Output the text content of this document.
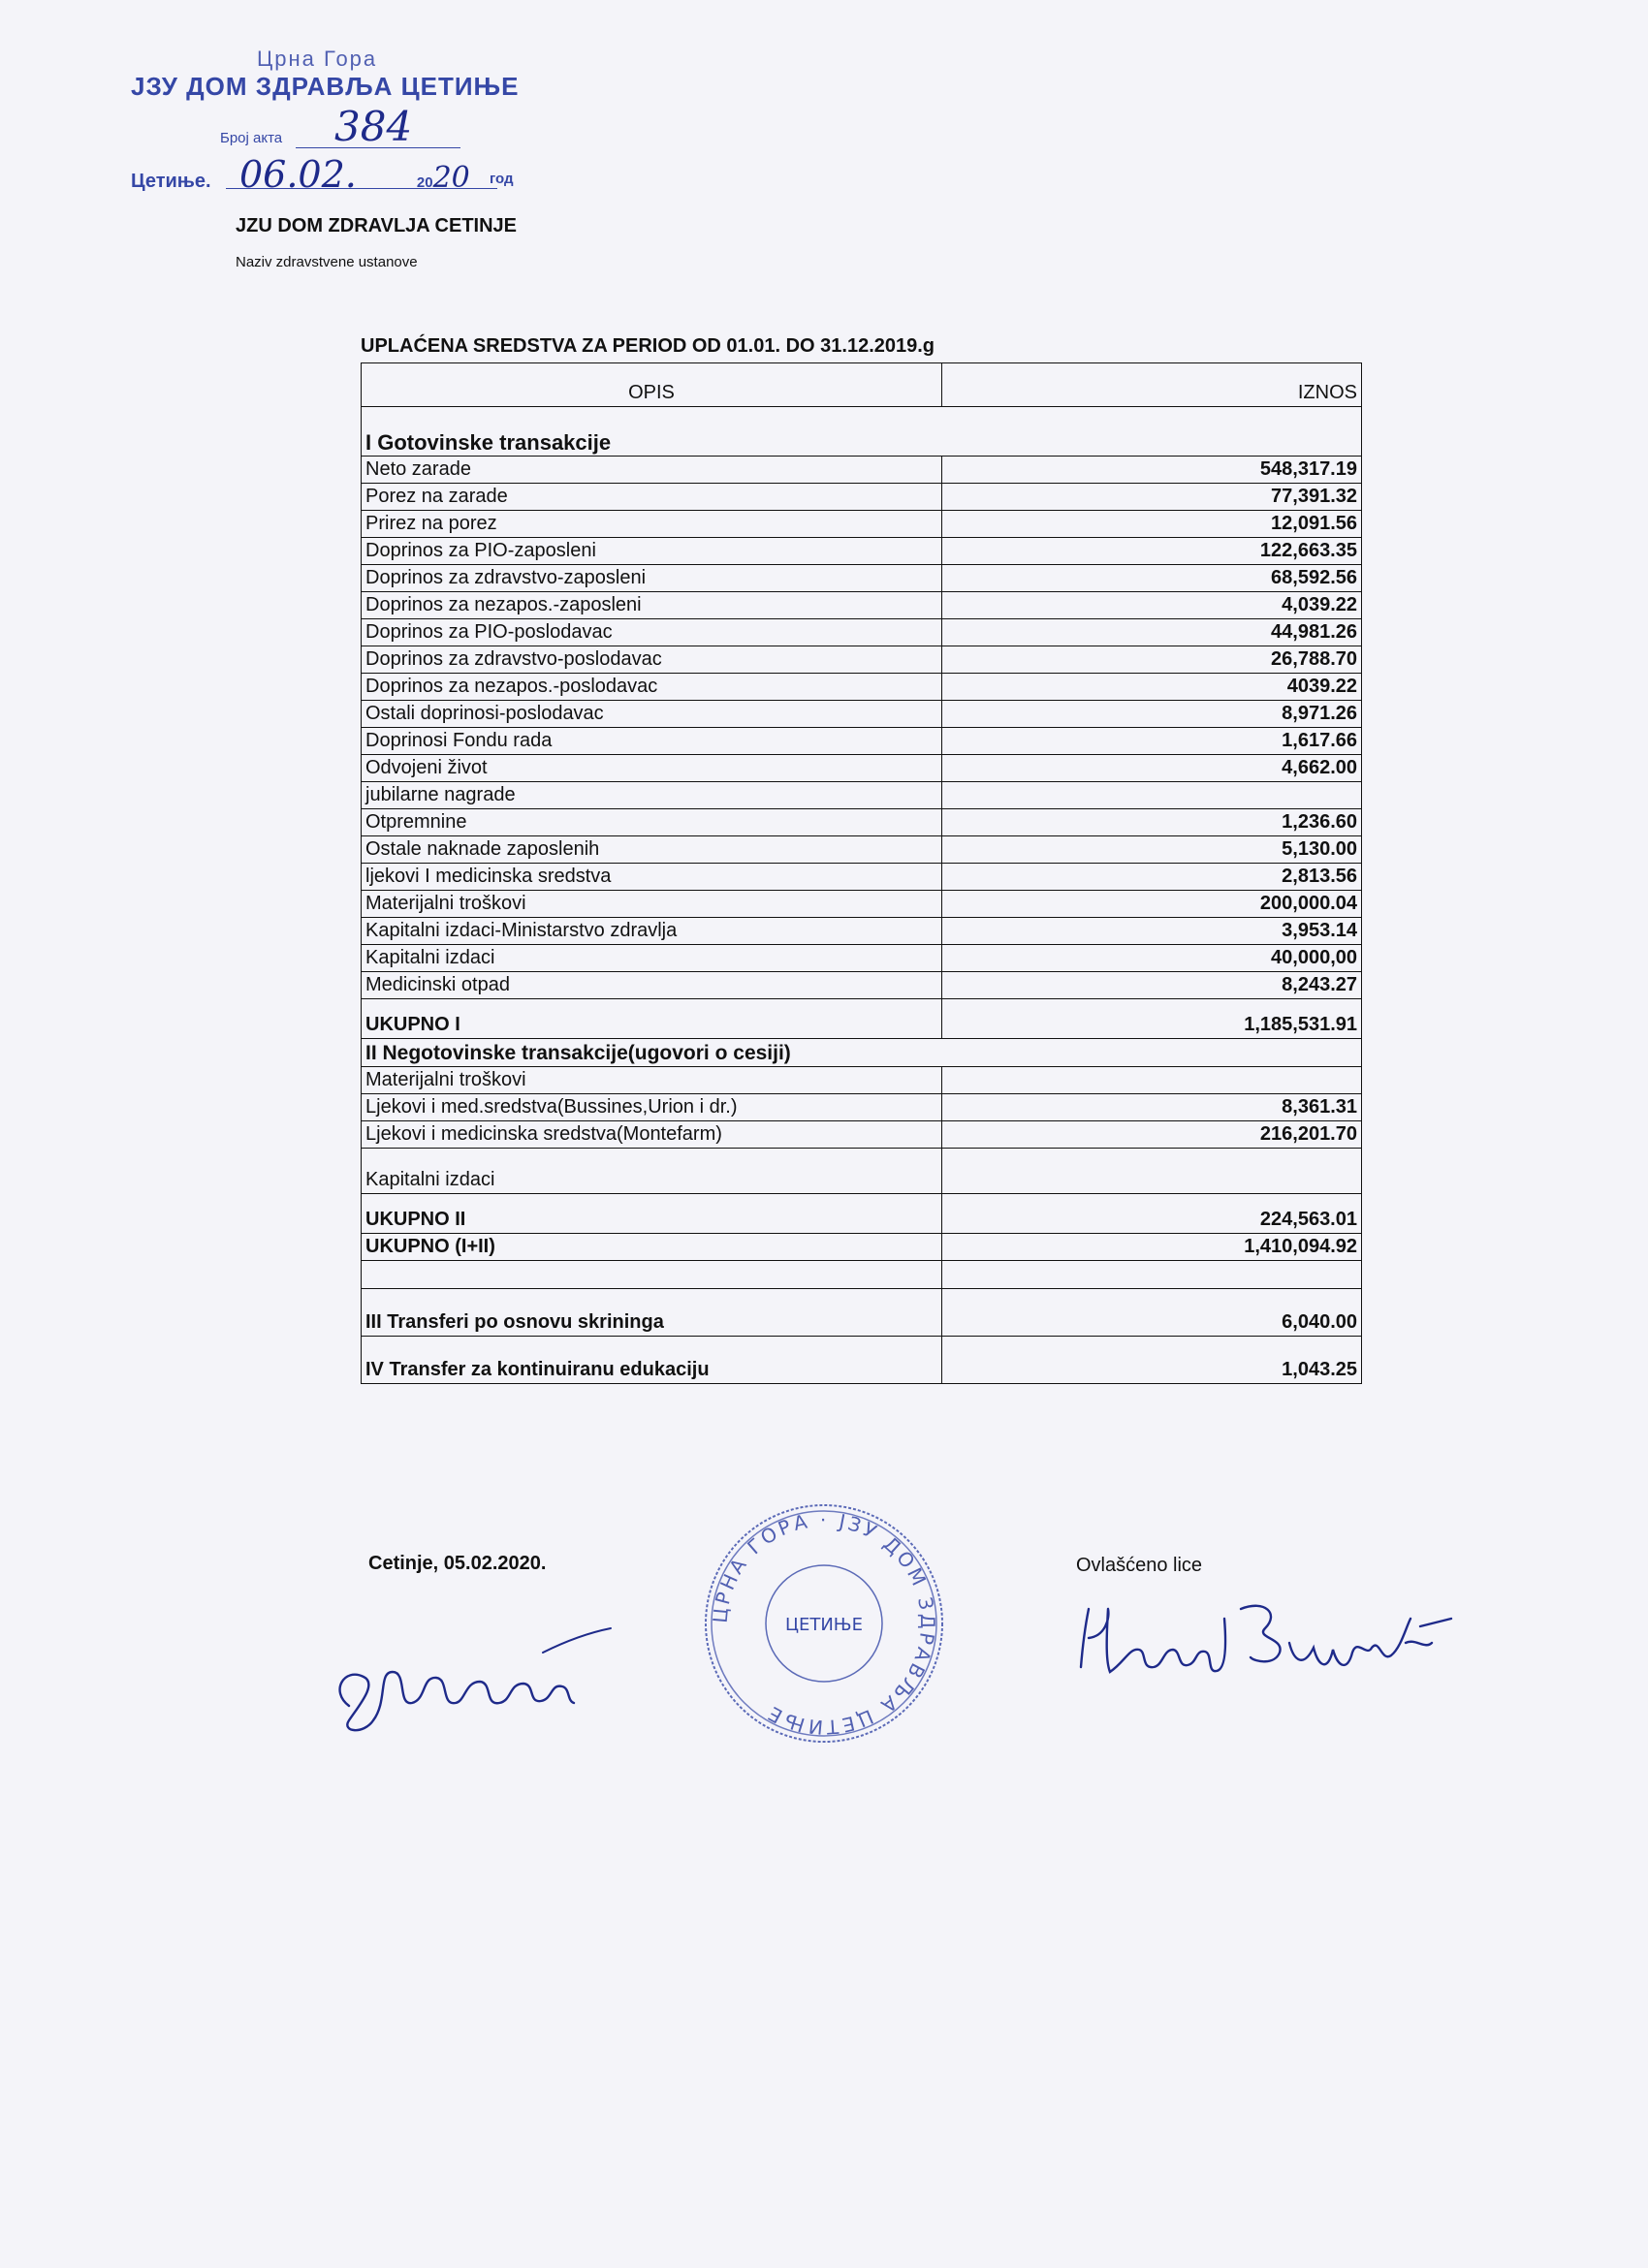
Црна Гора
ЈЗУ ДОМ ЗДРАВЉА ЦЕТИЊЕ
Број акта 384
Цетиње. 06.02.	2020 год
JZU DOM ZDRAVLJA CETINJE
Naziv zdravstvene ustanove
UPLAĆENA SREDSTVA ZA PERIOD OD 01.01. DO 31.12.2019.g
OPIS	IZNOS
I Gotovinske transakcije	
Neto zarade	548,317.19
Porez na zarade	77,391.32
Prirez na porez	12,091.56
Doprinos za PIO-zaposleni	122,663.35
Doprinos za zdravstvo-zaposleni	68,592.56
Doprinos za nezapos.-zaposleni	4,039.22
Doprinos za PIO-poslodavac	44,981.26
Doprinos za zdravstvo-poslodavac	26,788.70
Doprinos za nezapos.-poslodavac	4039.22
Ostali doprinosi-poslodavac	8,971.26
Doprinosi Fondu rada	1,617.66
Odvojeni život	4,662.00
jubilarne nagrade	
Otpremnine	1,236.60
Ostale naknade zaposlenih	5,130.00
ljekovi I medicinska sredstva	2,813.56
Materijalni troškovi	200,000.04
Kapitalni izdaci-Ministarstvo zdravlja	3,953.14
Kapitalni izdaci	40,000,00
Medicinski otpad	8,243.27
UKUPNO I	1,185,531.91
II Negotovinske transakcije(ugovori o cesiji)	
Materijalni troškovi	
Ljekovi i med.sredstva(Bussines,Urion i dr.)	8,361.31
Ljekovi i medicinska sredstva(Montefarm)	216,201.70
Kapitalni izdaci	
UKUPNO II	224,563.01
UKUPNO (I+II)	1,410,094.92

III Transferi po osnovu skrininga	6,040.00
IV Transfer za kontinuiranu edukaciju	1,043.25
Cetinje, 05.02.2020.	Ovlašćeno lice
ЦРНА ГОРА · ЈЗУ ДОМ ЗДРАВЉА ЦЕТИЊЕ
ЦЕТИЊЕ
